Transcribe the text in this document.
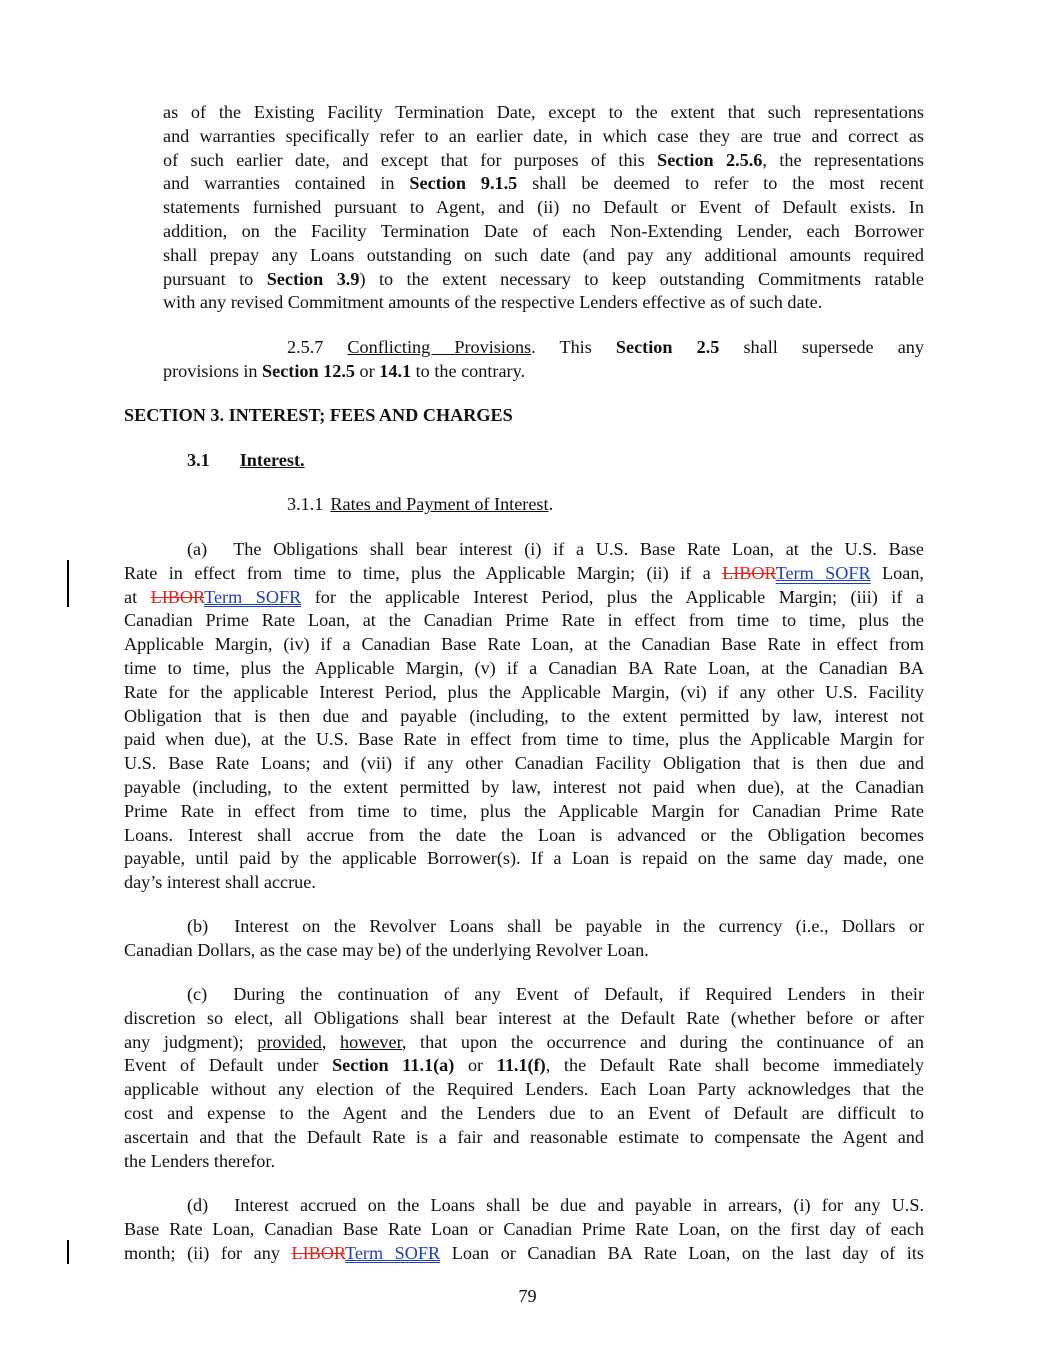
as of the Existing Facility Termination Date, except to the extent that such representations
and warranties specifically refer to an earlier date, in which case they are true and correct as
of such earlier date, and except that for purposes of this Section 2.5.6, the representations
and warranties contained in Section 9.1.5 shall be deemed to refer to the most recent
statements furnished pursuant to Agent, and (ii) no Default or Event of Default exists. In
addition, on the Facility Termination Date of each Non-Extending Lender, each Borrower
shall prepay any Loans outstanding on such date (and pay any additional amounts required
pursuant to Section 3.9) to the extent necessary to keep outstanding Commitments ratable
with any revised Commitment amounts of the respective Lenders effective as of such date.
2.5.7 Conflicting Provisions. This Section 2.5 shall supersede any
provisions in Section 12.5 or 14.1 to the contrary.
SECTION 3. INTEREST; FEES AND CHARGES
3.1 Interest.
3.1.1 Rates and Payment of Interest.
(a) The Obligations shall bear interest (i) if a U.S. Base Rate Loan, at the U.S. Base
Rate in effect from time to time, plus the Applicable Margin; (ii) if a LIBORTerm SOFR Loan,
at LIBORTerm SOFR for the applicable Interest Period, plus the Applicable Margin; (iii) if a
Canadian Prime Rate Loan, at the Canadian Prime Rate in effect from time to time, plus the
Applicable Margin, (iv) if a Canadian Base Rate Loan, at the Canadian Base Rate in effect from
time to time, plus the Applicable Margin, (v) if a Canadian BA Rate Loan, at the Canadian BA
Rate for the applicable Interest Period, plus the Applicable Margin, (vi) if any other U.S. Facility
Obligation that is then due and payable (including, to the extent permitted by law, interest not
paid when due), at the U.S. Base Rate in effect from time to time, plus the Applicable Margin for
U.S. Base Rate Loans; and (vii) if any other Canadian Facility Obligation that is then due and
payable (including, to the extent permitted by law, interest not paid when due), at the Canadian
Prime Rate in effect from time to time, plus the Applicable Margin for Canadian Prime Rate
Loans. Interest shall accrue from the date the Loan is advanced or the Obligation becomes
payable, until paid by the applicable Borrower(s). If a Loan is repaid on the same day made, one
day’s interest shall accrue.
(b) Interest on the Revolver Loans shall be payable in the currency (i.e., Dollars or
Canadian Dollars, as the case may be) of the underlying Revolver Loan.
(c) During the continuation of any Event of Default, if Required Lenders in their
discretion so elect, all Obligations shall bear interest at the Default Rate (whether before or after
any judgment); provided, however, that upon the occurrence and during the continuance of an
Event of Default under Section 11.1(a) or 11.1(f), the Default Rate shall become immediately
applicable without any election of the Required Lenders. Each Loan Party acknowledges that the
cost and expense to the Agent and the Lenders due to an Event of Default are difficult to
ascertain and that the Default Rate is a fair and reasonable estimate to compensate the Agent and
the Lenders therefor.
(d) Interest accrued on the Loans shall be due and payable in arrears, (i) for any U.S.
Base Rate Loan, Canadian Base Rate Loan or Canadian Prime Rate Loan, on the first day of each
month; (ii) for any LIBORTerm SOFR Loan or Canadian BA Rate Loan, on the last day of its
79
